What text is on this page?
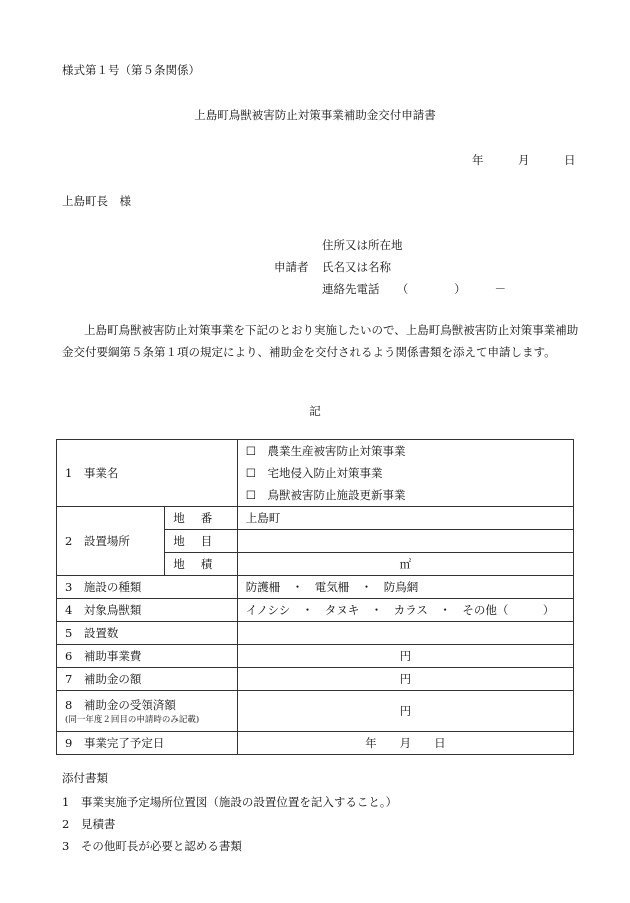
様式第１号（第５条関係）
上島町鳥獣被害防止対策事業補助金交付申請書
年	月	日
上島町長　様
申請者
住所又は所在地
氏名又は名称
連絡先電話　　（　　　　）　　　－
上島町鳥獣被害防止対策事業を下記のとおり実施したいので、上島町鳥獣被害防止対策事業補助金交付要綱第５条第１項の規定により、補助金を交付されるよう関係書類を添えて申請します。
記
1　事業名		☐　農業生産被害防止対策事業
☐　宅地侵入防止対策事業
☐　鳥獣被害防止施設更新事業

2　設置場所	地番	上島町
	地目	
	地積	㎡
3　施設の種類		防護柵　・　電気柵　・　防鳥網
4　対象鳥獣類		イノシシ　・　タヌキ　・　カラス　・　その他（　　　）
5　設置数		
6　補助事業費		円
7　補助金の額		円

8　補助金の受領済額
(同一年度２回目の申請時のみ記載)		円
9　事業完了予定日		年　　月　　日
添付書類
1　事業実施予定場所位置図（施設の設置位置を記入すること。）
2　見積書
3　その他町長が必要と認める書類
